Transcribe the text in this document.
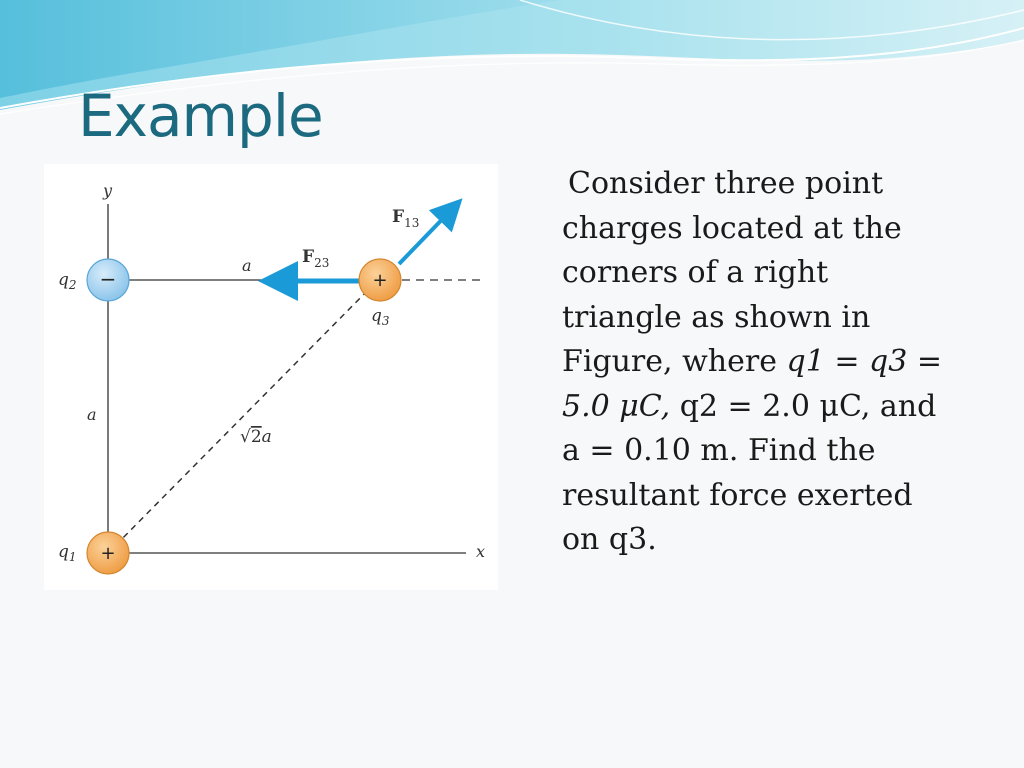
Example
−	+
+
y
x
$q_2$
$q_3$
$q_1$
a
a
√2a
$F_{23}$
$F_{13}$

Consider three point charges located at the corners of a right triangle as shown in Figure, where q1 = q3 = 5.0 μC, q2 = 2.0 μC, and a = 0.10 m. Find the resultant force exerted on q3.
